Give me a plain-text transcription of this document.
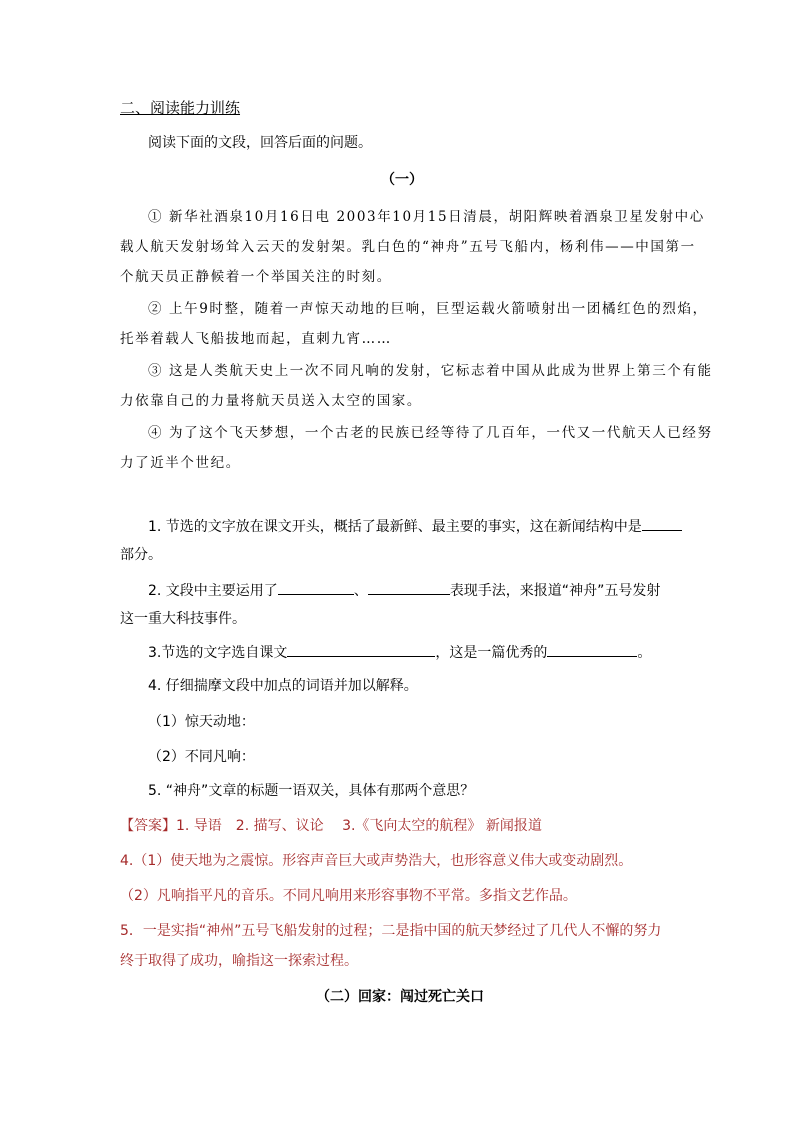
二、阅读能力训练
阅读下面的文段，回答后面的问题。
（一）
① 新华社酒泉10月16日电 2003年10月15日清晨，胡阳辉映着酒泉卫星发射中心
载人航天发射场耸入云天的发射架。乳白色的“神舟”五号飞船内，杨利伟——中国第一
个航天员正静候着一个举国关注的时刻。
② 上午9时整，随着一声惊天动地的巨响，巨型运载火箭喷射出一团橘红色的烈焰，
托举着载人飞船拔地而起，直刺九宵……
③ 这是人类航天史上一次不同凡响的发射，它标志着中国从此成为世界上第三个有能
力依靠自己的力量将航天员送入太空的国家。
④ 为了这个飞天梦想，一个古老的民族已经等待了几百年，一代又一代航天人已经努
力了近半个世纪。
1. 节选的文字放在课文开头，概括了最新鲜、最主要的事实，这在新闻结构中是
部分。
2. 文段中主要运用了	、	表现手法，来报道“神舟”五号发射
这一重大科技事件。
3.节选的文字选自课文	，这是一篇优秀的	。
4. 仔细揣摩文段中加点的词语并加以解释。
（1）惊天动地：
（2）不同凡响：
5. “神舟”文章的标题一语双关，具体有那两个意思？
【答案】1. 导语　2. 描写、议论　 3.《飞向太空的航程》 新闻报道
4.（1）使天地为之震惊。形容声音巨大或声势浩大，也形容意义伟大或变动剧烈。
（2）凡响指平凡的音乐。不同凡响用来形容事物不平常。多指文艺作品。
5．一是实指“神州”五号飞船发射的过程；二是指中国的航天梦经过了几代人不懈的努力
终于取得了成功，喻指这一探索过程。
（二）回家：闯过死亡关口
